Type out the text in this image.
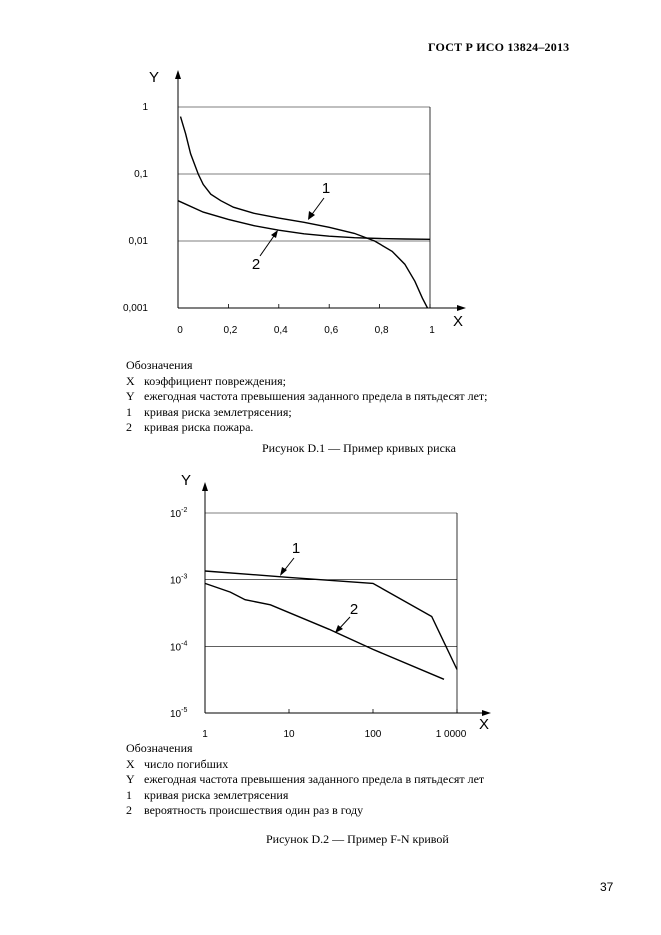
ГОСТ Р ИСО 13824–2013
Y
X
1
0,1
0,01
0,001
0	0,2	0,4	0,6	0,8	1
1
2
Y
X
$10^{-2}$
$10^{-3}$
$10^{-4}$
$10^{-5}$
1	10	100	1 0000
1
2
Обозначения
X коэффициент повреждения;
Y ежегодная частота превышения заданного предела в пятьдесят лет;
1 кривая риска землетрясения;
2 кривая риска пожара.
Рисунок D.1 — Пример кривых риска
Обозначения
X число погибших
Y ежегодная частота превышения заданного предела в пятьдесят лет
1 кривая риска землетрясения
2 вероятность происшествия один раз в году
Рисунок D.2 — Пример F-N кривой
37
